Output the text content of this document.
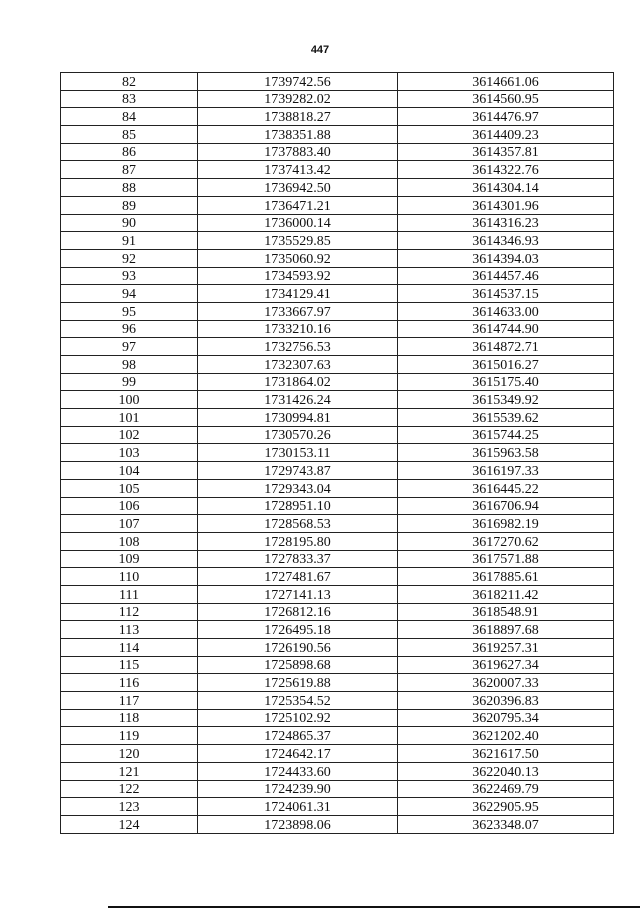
447
82	1739742.56	3614661.06
83	1739282.02	3614560.95
84	1738818.27	3614476.97
85	1738351.88	3614409.23
86	1737883.40	3614357.81
87	1737413.42	3614322.76
88	1736942.50	3614304.14
89	1736471.21	3614301.96
90	1736000.14	3614316.23
91	1735529.85	3614346.93
92	1735060.92	3614394.03
93	1734593.92	3614457.46
94	1734129.41	3614537.15
95	1733667.97	3614633.00
96	1733210.16	3614744.90
97	1732756.53	3614872.71
98	1732307.63	3615016.27
99	1731864.02	3615175.40
100	1731426.24	3615349.92
101	1730994.81	3615539.62
102	1730570.26	3615744.25
103	1730153.11	3615963.58
104	1729743.87	3616197.33
105	1729343.04	3616445.22
106	1728951.10	3616706.94
107	1728568.53	3616982.19
108	1728195.80	3617270.62
109	1727833.37	3617571.88
110	1727481.67	3617885.61
111	1727141.13	3618211.42
112	1726812.16	3618548.91
113	1726495.18	3618897.68
114	1726190.56	3619257.31
115	1725898.68	3619627.34
116	1725619.88	3620007.33
117	1725354.52	3620396.83
118	1725102.92	3620795.34
119	1724865.37	3621202.40
120	1724642.17	3621617.50
121	1724433.60	3622040.13
122	1724239.90	3622469.79
123	1724061.31	3622905.95
124	1723898.06	3623348.07
